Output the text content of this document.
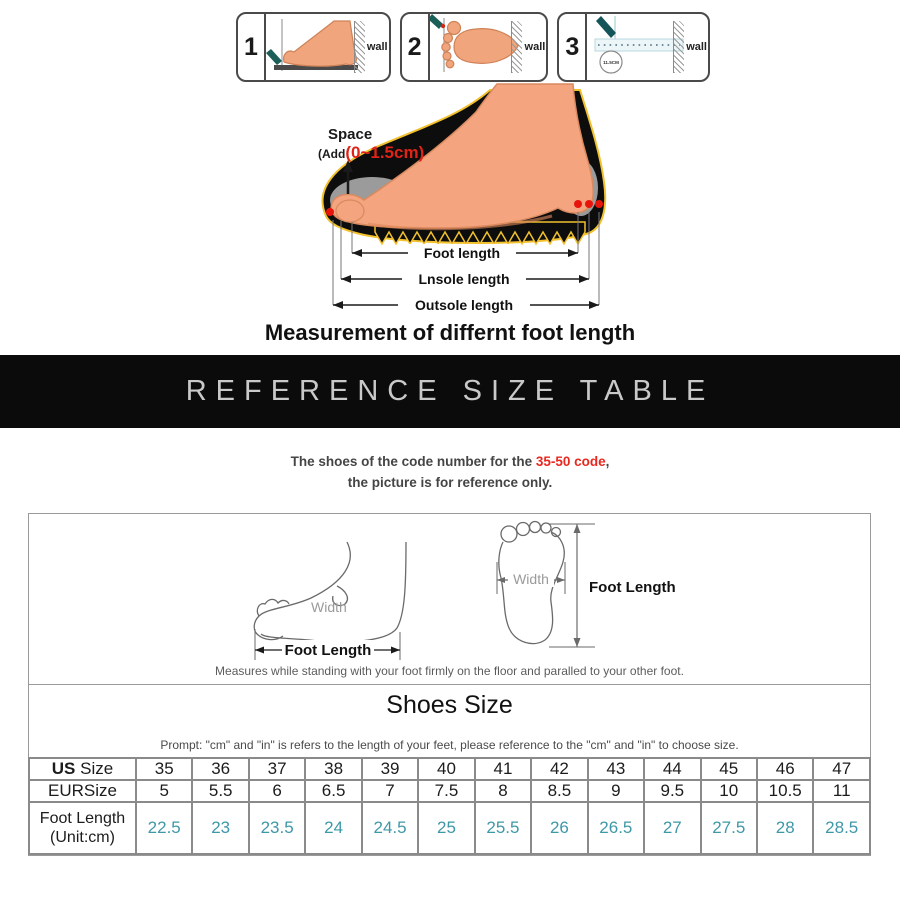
1	wall 2	wall 3
11.5CM
wall
Foot length
Lnsole length
Outsole length
Space
(Add(0~1.5cm)
Measurement of differnt foot length
REFERENCE SIZE TABLE
The shoes of the code number for the 35-50 code,
the picture is for reference only.
Width
Foot Length
Width	Foot Length
Measures while standing with your foot firmly on the floor and paralled to your other foot.
Shoes Size
Prompt: "cm" and "in" is refers to the length of your feet, please reference to the "cm" and "in" to choose size.
US Size	35	36	37	38	39	40	41	42	43	44	45	46	47
EURSize	5	5.5	6	6.5	7	7.5	8	8.5	9	9.5	10	10.5	11

Foot Length
(Unit:cm)	22.5	23	23.5	24	24.5	25	25.5	26	26.5	27	27.5	28	28.5
